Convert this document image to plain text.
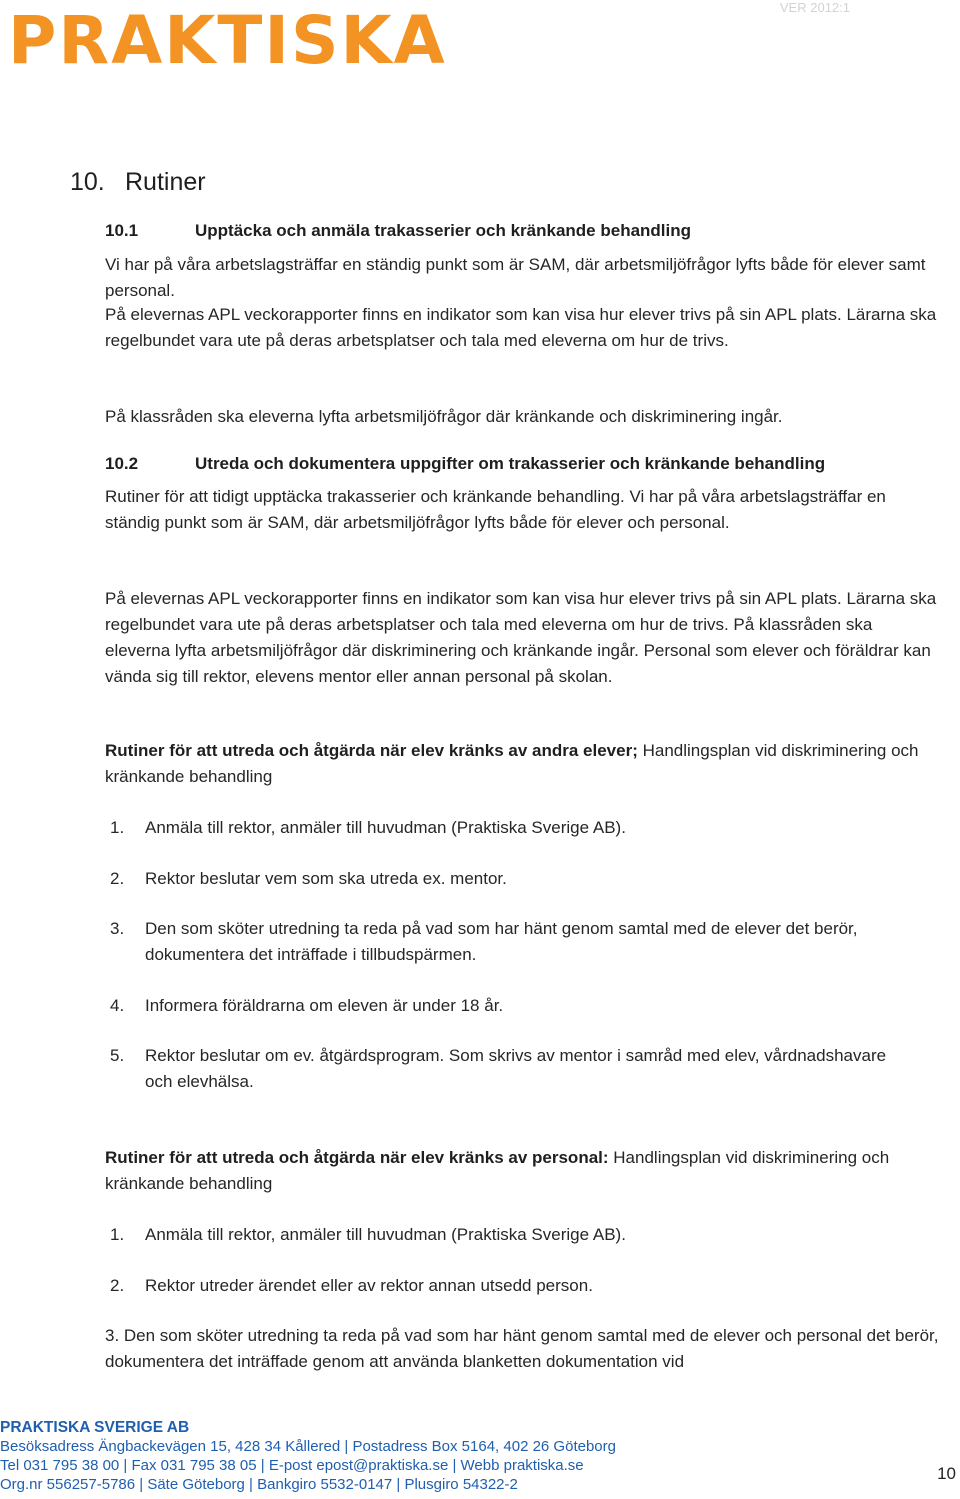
PRAKTISKA	VER 2012:1
10. Rutiner
10.1	Upptäcka och anmäla trakasserier och kränkande behandling
Vi har på våra arbetslagsträffar en ständig punkt som är SAM, där arbetsmiljöfrågor lyfts både för elever samt personal.
På elevernas APL veckorapporter finns en indikator som kan visa hur elever trivs på sin APL plats. Lärarna ska regelbundet vara ute på deras arbetsplatser och tala med eleverna om hur de trivs.
På klassråden ska eleverna lyfta arbetsmiljöfrågor där kränkande och diskriminering ingår.
10.2	Utreda och dokumentera uppgifter om trakasserier och kränkande behandling
Rutiner för att tidigt upptäcka trakasserier och kränkande behandling. Vi har på våra arbetslagsträffar en ständig punkt som är SAM, där arbetsmiljöfrågor lyfts både för elever och personal.
På elevernas APL veckorapporter finns en indikator som kan visa hur elever trivs på sin APL plats. Lärarna ska regelbundet vara ute på deras arbetsplatser och tala med eleverna om hur de trivs. På klassråden ska eleverna lyfta arbetsmiljöfrågor där diskriminering och kränkande ingår. Personal som elever och föräldrar kan vända sig till rektor, elevens mentor eller annan personal på skolan.
Rutiner för att utreda och åtgärda när elev kränks av andra elever; Handlingsplan vid diskriminering och kränkande behandling
1. Anmäla till rektor, anmäler till huvudman (Praktiska Sverige AB).
2. Rektor beslutar vem som ska utreda ex. mentor.
3. Den som sköter utredning ta reda på vad som har hänt genom samtal med de elever det berör, dokumentera det inträffade i tillbudspärmen.
4. Informera föräldrarna om eleven är under 18 år.
5. Rektor beslutar om ev. åtgärdsprogram. Som skrivs av mentor i samråd med elev, vårdnadshavare och elevhälsa.
Rutiner för att utreda och åtgärda när elev kränks av personal: Handlingsplan vid diskriminering och kränkande behandling
1. Anmäla till rektor, anmäler till huvudman (Praktiska Sverige AB).
2. Rektor utreder ärendet eller av rektor annan utsedd person.
3. Den som sköter utredning ta reda på vad som har hänt genom samtal med de elever och personal det berör, dokumentera det inträffade genom att använda blanketten dokumentation vid
PRAKTISKA SVERIGE AB
Besöksadress Ängbackevägen 15, 428 34 Kållered | Postadress Box 5164, 402 26 Göteborg
Tel 031 795 38 00 | Fax 031 795 38 05 | E-post epost@praktiska.se | Webb praktiska.se
Org.nr 556257-5786 | Säte Göteborg | Bankgiro 5532-0147 | Plusgiro 54322-2
10
